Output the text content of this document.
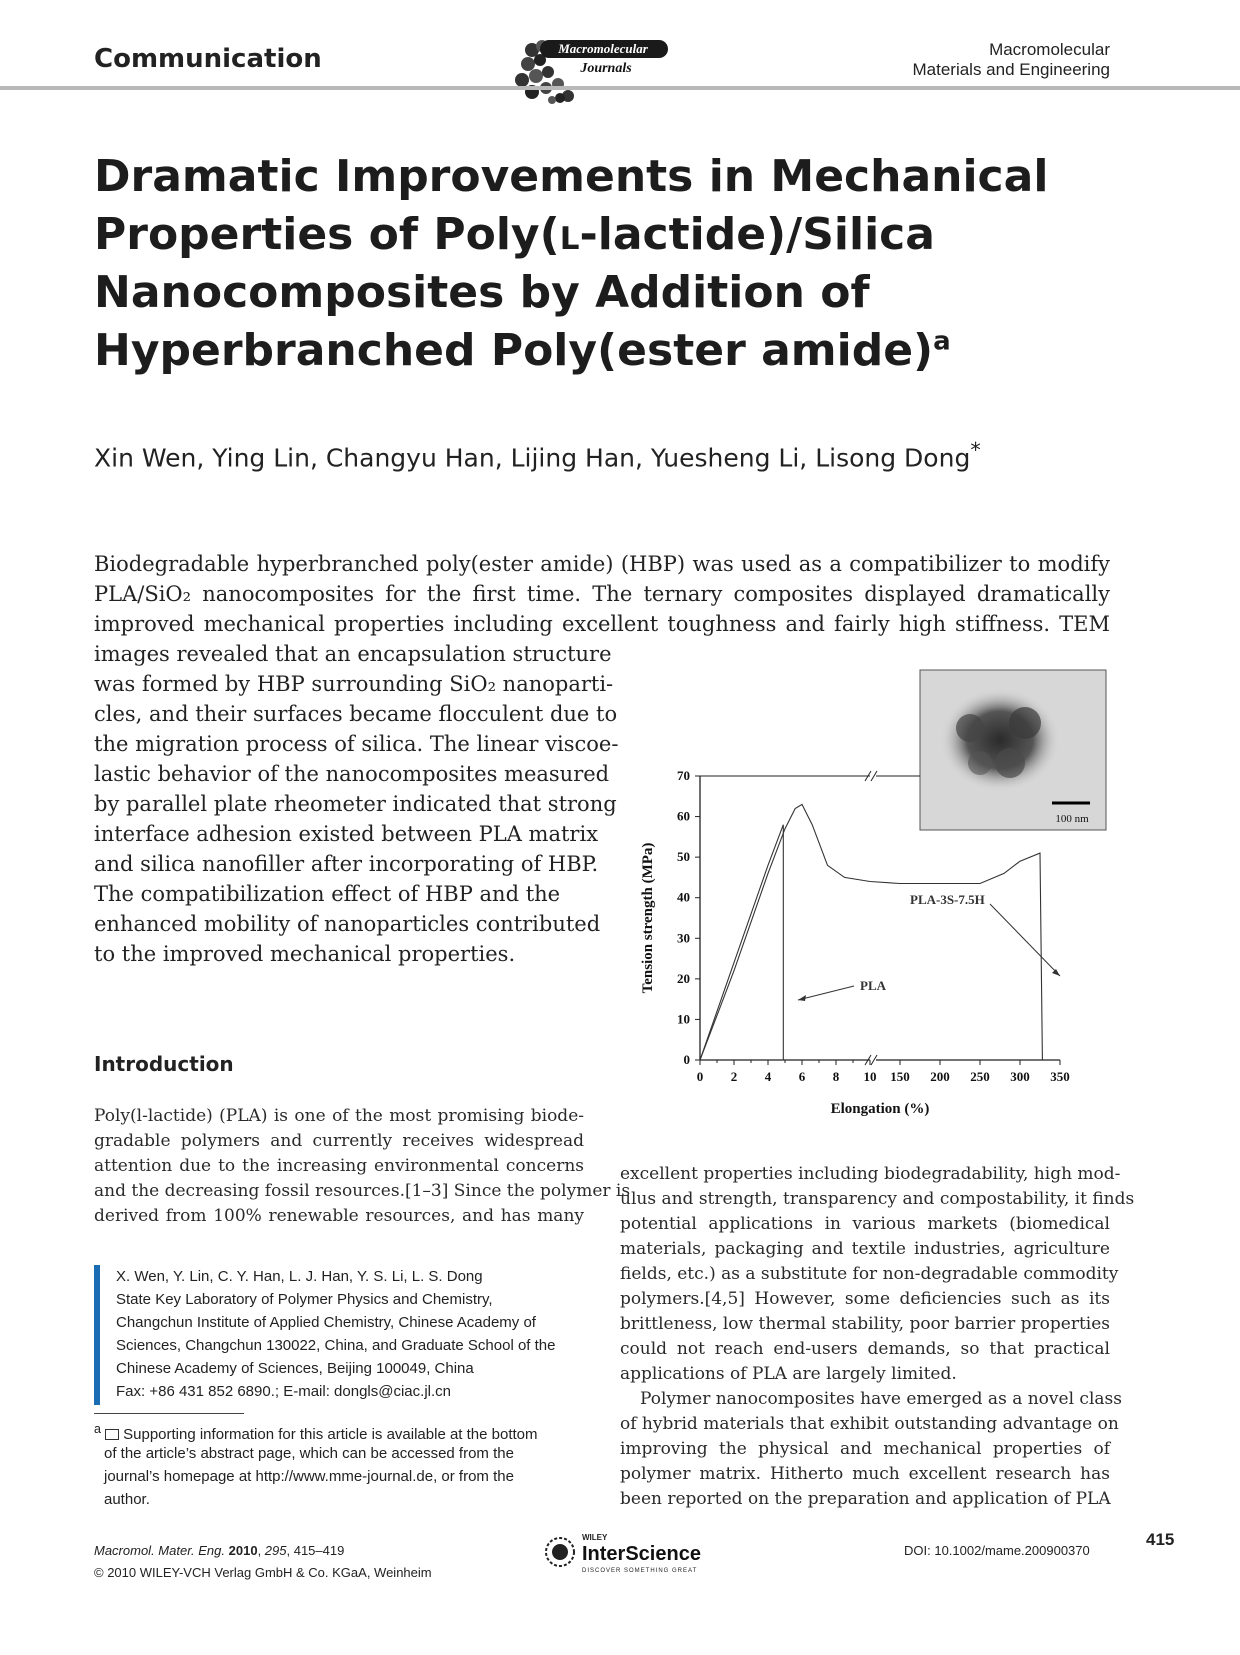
Communication	Macromolecular
Journals
Macromolecular
Materials and Engineering
Dramatic Improvements in Mechanical
Properties of Poly(l-lactide)/Silica
Nanocomposites by Addition of
Hyperbranched Poly(ester amide)$^a$
Xin Wen, Ying Lin, Changyu Han, Lijing Han, Yuesheng Li, Lisong Dong*
Biodegradable hyperbranched poly(ester amide) (HBP) was used as a compatibilizer to modify
PLA/SiO₂ nanocomposites for the first time. The ternary composites displayed dramatically
improved mechanical properties including excellent toughness and fairly high stiffness. TEM
images revealed that an encapsulation structure
was formed by HBP surrounding SiO₂ nanoparti-
cles, and their surfaces became flocculent due to
the migration process of silica. The linear viscoe-
lastic behavior of the nanocomposites measured
by parallel plate rheometer indicated that strong
interface adhesion existed between PLA matrix
and silica nanofiller after incorporating of HBP.
The compatibilization effect of HBP and the
enhanced mobility of nanoparticles contributed
to the improved mechanical properties.
100 nm
0
10
20
30
40
50
60
70
0 2 4 6 8 10 150 200 250 300 350
Tension strength (MPa)
Elongation (%)
PLA
PLA-3S-7.5H
Introduction
Poly(l-lactide) (PLA) is one of the most promising biode-
gradable polymers and currently receives widespread
attention due to the increasing environmental concerns
and the decreasing fossil resources.[1–3] Since the polymer is
derived from 100% renewable resources, and has many
excellent properties including biodegradability, high mod-
ulus and strength, transparency and compostability, it finds
potential applications in various markets (biomedical
materials, packaging and textile industries, agriculture
fields, etc.) as a substitute for non-degradable commodity
polymers.[4,5] However, some deficiencies such as its
brittleness, low thermal stability, poor barrier properties
could not reach end-users demands, so that practical
applications of PLA are largely limited.
Polymer nanocomposites have emerged as a novel class
of hybrid materials that exhibit outstanding advantage on
improving the physical and mechanical properties of
polymer matrix. Hitherto much excellent research has
been reported on the preparation and application of PLA
X. Wen, Y. Lin, C. Y. Han, L. J. Han, Y. S. Li, L. S. Dong
State Key Laboratory of Polymer Physics and Chemistry,
Changchun Institute of Applied Chemistry, Chinese Academy of
Sciences, Changchun 130022, China, and Graduate School of the
Chinese Academy of Sciences, Beijing 100049, China
Fax: +86 431 852 6890.; E-mail: dongls@ciac.jl.cn
$^a$ Supporting information for this article is available at the bottom
of the article’s abstract page, which can be accessed from the
journal’s homepage at http://www.mme-journal.de, or from the
author.
Macromol. Mater. Eng. 2010, 295, 415–419
© 2010 WILEY-VCH Verlag GmbH & Co. KGaA, Weinheim
WILEY
InterScience
DISCOVER SOMETHING GREAT
DOI: 10.1002/mame.200900370
415
